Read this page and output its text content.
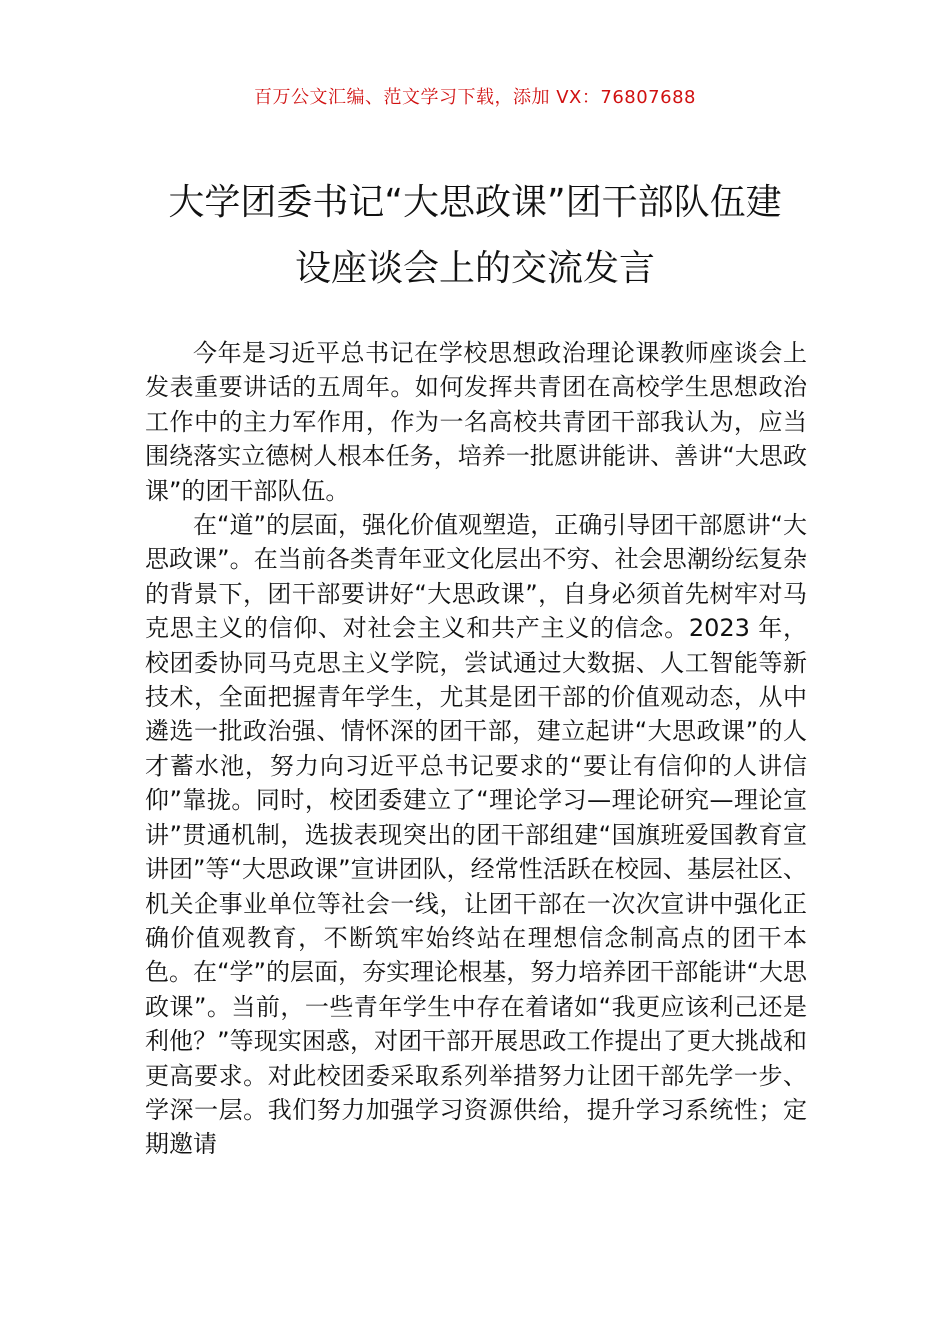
百万公文汇编、范文学习下载，添加 VX：76807688
大学团委书记“大思政课”团干部队伍建
设座谈会上的交流发言

今年是习近平总书记在学校思想政治理论课教师座谈会上发表重要讲话的五周年。如何发挥共青团在高校学生思想政治工作中的主力军作用，作为一名高校共青团干部我认为，应当围绕落实立德树人根本任务，培养一批愿讲能讲、善讲“大思政课”的团干部队伍。

在“道”的层面，强化价值观塑造，正确引导团干部愿讲“大思政课”。在当前各类青年亚文化层出不穷、社会思潮纷纭复杂的背景下，团干部要讲好“大思政课”，自身必须首先树牢对马克思主义的信仰、对社会主义和共产主义的信念。2023 年，校团委协同马克思主义学院，尝试通过大数据、人工智能等新技术，全面把握青年学生，尤其是团干部的价值观动态，从中遴选一批政治强、情怀深的团干部，建立起讲“大思政课”的人才蓄水池，努力向习近平总书记要求的“要让有信仰的人讲信仰”靠拢。同时，校团委建立了“理论学习—理论研究—理论宣讲”贯通机制，选拔表现突出的团干部组建“国旗班爱国教育宣讲团”等“大思政课”宣讲团队，经常性活跃在校园、基层社区、机关企事业单位等社会一线，让团干部在一次次宣讲中强化正确价值观教育，不断筑牢始终站在理想信念制高点的团干本色。在“学”的层面，夯实理论根基，努力培养团干部能讲“大思政课”。当前，一些青年学生中存在着诸如“我更应该利己还是利他？”等现实困惑，对团干部开展思政工作提出了更大挑战和更高要求。对此校团委采取系列举措努力让团干部先学一步、学深一层。我们努力加强学习资源供给，提升学习系统性；定期邀请
